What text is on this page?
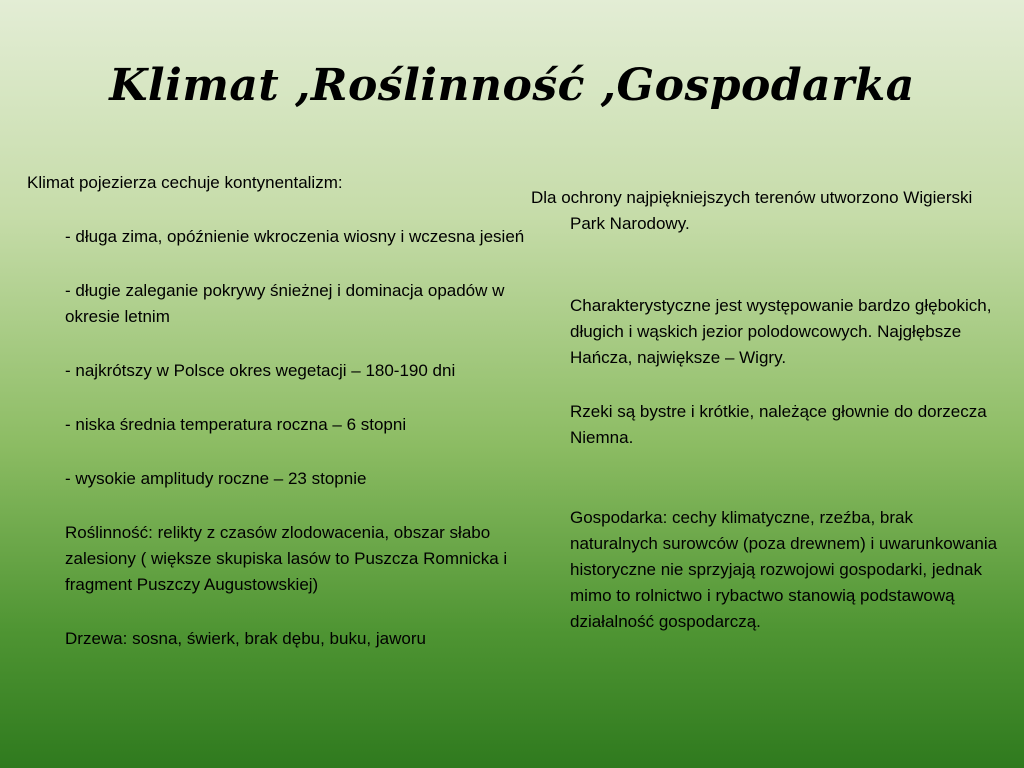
Klimat ,Roślinność ,Gospodarka

Klimat pojezierza cechuje kontynentalizm:

- długa zima, opóźnienie wkroczenia wiosny i wczesna jesień

- długie zaleganie pokrywy śnieżnej i dominacja opadów w okresie letnim

- najkrótszy w Polsce okres wegetacji – 180-190 dni

- niska średnia temperatura roczna – 6 stopni

- wysokie amplitudy roczne – 23 stopnie

Roślinność: relikty z czasów zlodowacenia, obszar słabo zalesiony ( większe skupiska lasów to Puszcza Romnicka i fragment Puszczy Augustowskiej)

Drzewa: sosna, świerk, brak dębu, buku, jaworu

Dla ochrony najpiękniejszych terenów utworzono Wigierski Park Narodowy.

Charakterystyczne jest występowanie bardzo głębokich, długich i wąskich jezior polodowcowych. Najgłębsze Hańcza, największe – Wigry.

Rzeki są bystre i krótkie, należące głownie do dorzecza Niemna.

Gospodarka: cechy klimatyczne, rzeźba, brak naturalnych surowców (poza drewnem) i uwarunkowania historyczne nie sprzyjają rozwojowi gospodarki, jednak mimo to rolnictwo i rybactwo stanowią podstawową działalność gospodarczą.
